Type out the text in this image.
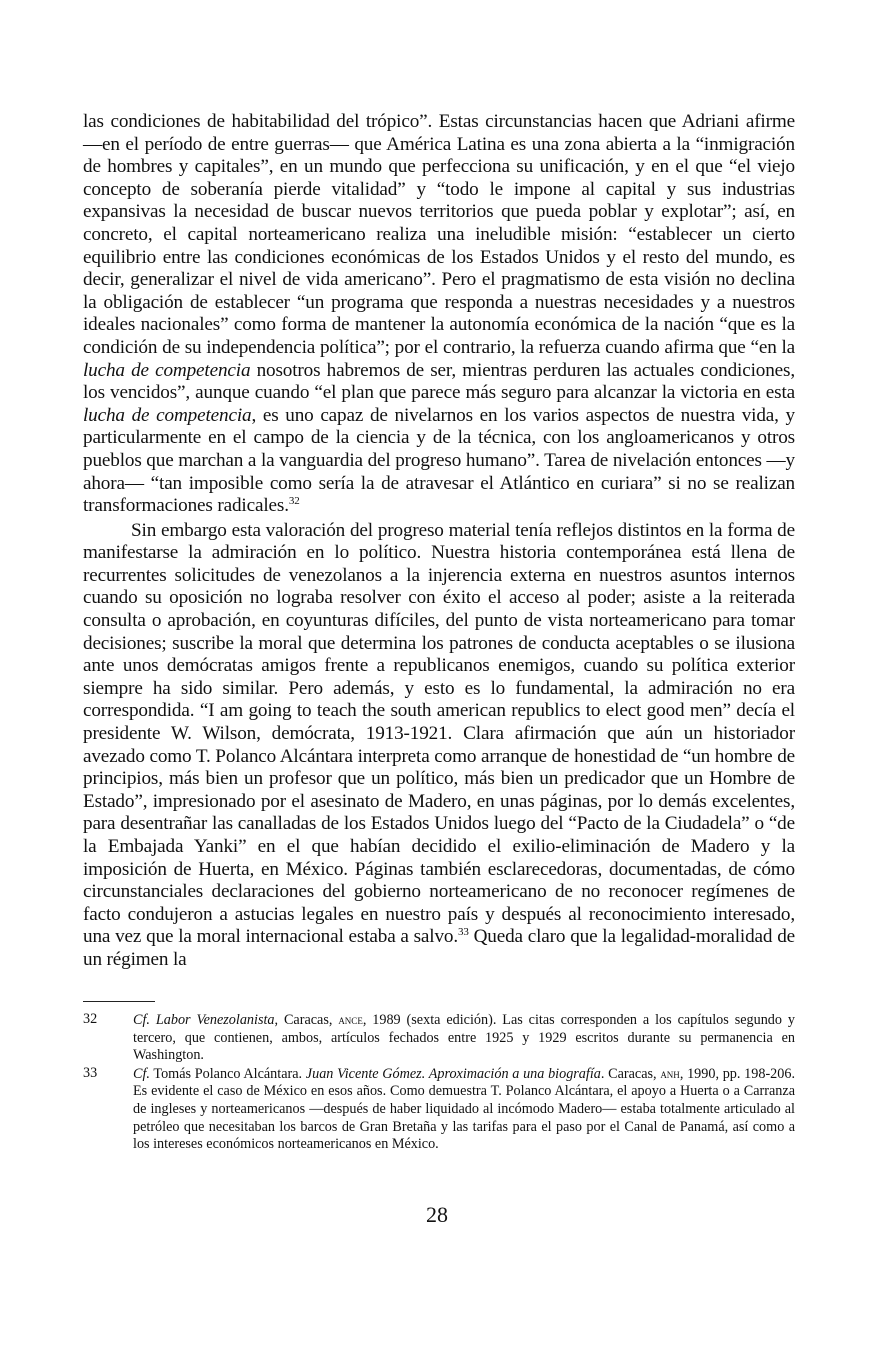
las condiciones de habitabilidad del trópico”. Estas circunstancias hacen que Adriani afirme —en el período de entre guerras— que América Latina es una zona abierta a la “inmigración de hombres y capitales”, en un mundo que perfecciona su unificación, y en el que “el viejo concepto de soberanía pierde vitalidad” y “todo le impone al capital y sus industrias expansivas la necesidad de buscar nuevos territorios que pueda poblar y explotar”; así, en concreto, el capital norteamericano realiza una ineludible misión: “establecer un cierto equilibrio entre las condiciones económicas de los Estados Unidos y el resto del mundo, es decir, generalizar el nivel de vida americano”. Pero el pragmatismo de esta visión no declina la obligación de establecer “un programa que responda a nuestras necesidades y a nuestros ideales nacionales” como forma de mantener la autonomía económica de la nación “que es la condición de su independencia política”; por el contrario, la refuerza cuando afirma que “en la lucha de competencia nosotros habremos de ser, mientras perduren las actuales condiciones, los vencidos”, aunque cuando “el plan que parece más seguro para alcanzar la victoria en esta lucha de competencia, es uno capaz de nivelarnos en los varios aspectos de nuestra vida, y particularmente en el campo de la ciencia y de la técnica, con los angloamericanos y otros pueblos que marchan a la vanguardia del progreso humano”. Tarea de nivelación entonces —y ahora— “tan imposible como sería la de atravesar el Atlántico en curiara” si no se realizan transformaciones radicales.$^{32}$

Sin embargo esta valoración del progreso material tenía reflejos distintos en la forma de manifestarse la admiración en lo político. Nuestra historia contemporánea está llena de recurrentes solicitudes de venezolanos a la injerencia externa en nuestros asuntos internos cuando su oposición no lograba resolver con éxito el acceso al poder; asiste a la reiterada consulta o aprobación, en coyunturas difíciles, del punto de vista norteamericano para tomar decisiones; suscribe la moral que determina los patrones de conducta aceptables o se ilusiona ante unos demócratas amigos frente a republicanos enemigos, cuando su política exterior siempre ha sido similar. Pero además, y esto es lo fundamental, la admiración no era correspondida. “I am going to teach the south american republics to elect good men” decía el presidente W. Wilson, demócrata, 1913-1921. Clara afirmación que aún un historiador avezado como T. Polanco Alcántara interpreta como arranque de honestidad de “un hombre de principios, más bien un profesor que un político, más bien un predicador que un Hombre de Estado”, impresionado por el asesinato de Madero, en unas páginas, por lo demás excelentes, para desentrañar las canalladas de los Estados Unidos luego del “Pacto de la Ciudadela” o “de la Embajada Yanki” en el que habían decidido el exilio-eliminación de Madero y la imposición de Huerta, en México. Páginas también esclarecedoras, documentadas, de cómo circunstanciales declaraciones del gobierno norteamericano de no reconocer regímenes de facto condujeron a astucias legales en nuestro país y después al reconocimiento interesado, una vez que la moral internacional estaba a salvo.$^{33}$ Queda claro que la legalidad-moralidad de un régimen la

32	Cf. Labor Venezolanista, Caracas, ance, 1989 (sexta edición). Las citas corresponden a los capítulos segundo y tercero, que contienen, ambos, artículos fechados entre 1925 y 1929 escritos durante su permanencia en Washington.
33	Cf. Tomás Polanco Alcántara. Juan Vicente Gómez. Aproximación a una biografía. Caracas, anh, 1990, pp. 198-206. Es evidente el caso de México en esos años. Como demuestra T. Polanco Alcántara, el apoyo a Huerta o a Carranza de ingleses y norteamericanos —después de haber liquidado al incómodo Madero— estaba totalmente articulado al petróleo que necesitaban los barcos de Gran Bretaña y las tarifas para el paso por el Canal de Panamá, así como a los intereses económicos norteamericanos en México.
28
